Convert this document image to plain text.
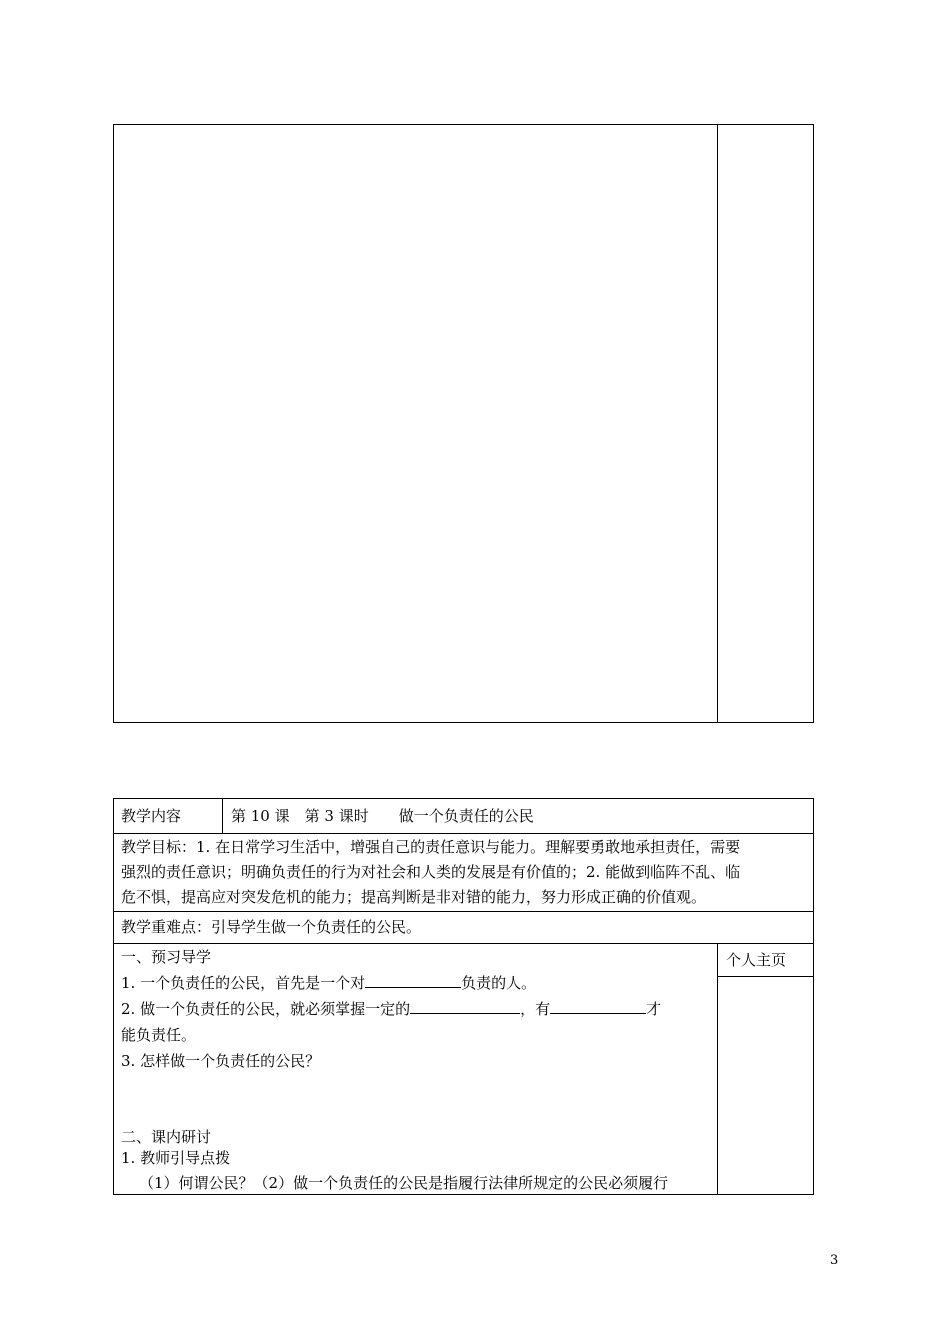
教学内容	第 10 课　第 3 课时　　做一个负责任的公民
教学目标：1. 在日常学习生活中，增强自己的责任意识与能力。理解要勇敢地承担责任，需要
强烈的责任意识；明确负责任的行为对社会和人类的发展是有价值的；2. 能做到临阵不乱、临
危不惧，提高应对突发危机的能力；提高判断是非对错的能力，努力形成正确的价值观。
教学重难点：引导学生做一个负责任的公民。
个人主页
一、预习导学
1. 一个负责任的公民，首先是一个对	负责的人。
2. 做一个负责任的公民，就必须掌握一定的	，有	才
能负责任。
3. 怎样做一个负责任的公民？
二、课内研讨
1. 教师引导点拨
（1）何谓公民？（2）做一个负责任的公民是指履行法律所规定的公民必须履行
3
